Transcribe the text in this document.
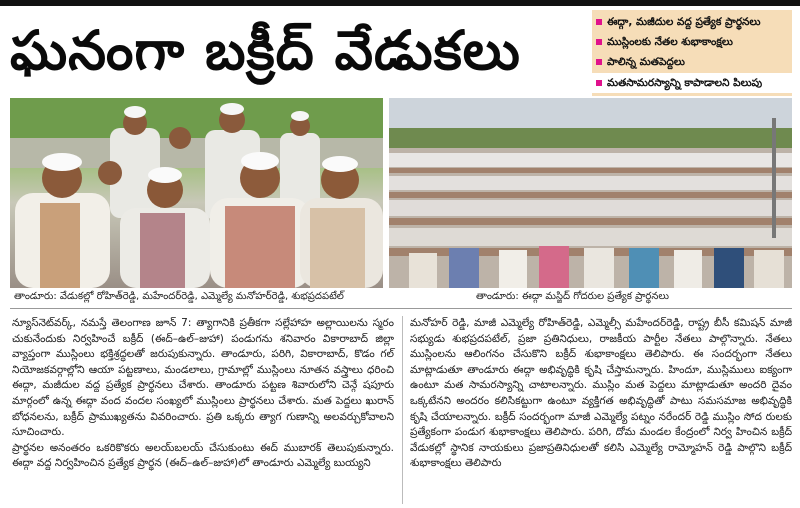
ఘనంగా బక్రీద్ వేడుకలు	ఈద్గా, మజీదుల వద్ద ప్రత్యేక ప్రార్థనలు
ముస్లింలకు నేతల శుభాకాంక్షలు
పాలిన్న మతపెద్దలు
మతసామరస్యాన్ని కాపాడాలని పిలుపు
తాండూరు: వేడుకల్లో రోహిత్‌రెడ్డి, మహేందర్‌రెడ్డి, ఎమ్మెల్యే మనోహర్‌రెడ్డి, శుభప్రదపటేల్	తాండూరు: ఈద్గా మస్జిద్ గోదరుల ప్రత్యేక ప్రార్థనలు

న్యూస్‌నెట్‌వర్క్, నమస్తే తెలంగాణ జూన్ 7: త్యాగానికి ప్రతీకగా సల్లేహాహ అల్లాయిలను స్మరం చుకునేందుకు నిర్వహించే బక్రీద్ (ఈద్–ఉల్–జుహా) పండుగను శనివారం వికారాబాద్ జిల్లా వ్యాప్తంగా ముస్లింలు భక్తిశ్రద్ధలతో జరుపుకున్నారు. తాండూరు, పరిగి, వికారాబాద్, కొడం గల్ నియోజకవర్గాల్లోని ఆయా పట్టణాలు, మండలాలు, గ్రామాల్లో ముస్లింలు నూతన వస్త్రాలు ధరించి ఈద్గా, మజీదుల వద్ద ప్రత్యేక ప్రార్థనలు చేశారు. తాండూరు పట్టణ శివారులోని చెన్గే షపూరు మార్గంలో ఉన్న ఈద్గా వంద వందల సంఖ్యలో ముస్లింలు ప్రార్థనలు చేశారు. మత పెద్దలు ఖురాన్ బోధనలను, బక్రీద్ ప్రాముఖ్యతను వివరించారు. ప్రతి ఒక్కరు త్యాగ గుణాన్ని అలవర్చుకోవాలని సూచించారు.

ప్రార్థనల అనంతరం ఒకరికొకరు అలయ్‌బలయ్ చేసుకుంటు ఈద్ ముబారక్ తెలుపుకున్నారు. ఈద్గా వద్ద నిర్వహించిన ప్రత్యేక ప్రార్థన (ఈద్–ఉల్–జుహా)లో తాండూరు ఎమ్మెల్యే బుయ్యని

మనోహర్ రెడ్డి, మాజీ ఎమ్మెల్యే రోహిత్‌రెడ్డి, ఎమ్మెల్సీ మహేందర్‌రెడ్డి, రాష్ట్ర బీసీ కమిషన్ మాజీ సభ్యుడు శుభప్రదపటేల్, ప్రజా ప్రతినిధులు, రాజకీయ పార్టీల నేతలు పాల్గొన్నారు. నేతలు ముస్లింలను ఆలింగనం చేసుకొని బక్రీద్ శుభాకాంక్షలు తెలిపారు. ఈ సందర్భంగా నేతలు మాట్లాడుతూ తాండూరు ఈద్గా అభివృద్ధికి కృషి చేస్తామన్నారు. హిందూ, ముస్లిములు ఐక్యంగా ఉంటూ మత సామరస్యాన్ని చాటాలన్నారు. ముస్లిం మత పెద్దలు మాట్లాడుతూ అందరి దైవం ఒక్కటేనని అందరం కలిసికట్టుగా ఉంటూ వ్యక్తిగత అభివృద్ధితో పాటు సమసమాజ అభివృద్ధికి కృషి చేయాలన్నారు. బక్రీద్ సందర్భంగా మాజీ ఎమ్మెల్యే పట్నం నరేందర్ రెడ్డి ముస్లిం సోద రులకు ప్రత్యేకంగా పండుగ శుభాకాంక్షలు తెలిపారు. పరిగి, దోమ మండల కేంద్రంలో నిర్వ హించిన బక్రీద్ వేడుకల్లో స్థానిక నాయకులు ప్రజాప్రతినిధులతో కలిసి ఎమ్మెల్యే రామ్మోహన్ రెడ్డి పాల్గొని బక్రీద్ శుభాకాంక్షలు తెలిపారు
